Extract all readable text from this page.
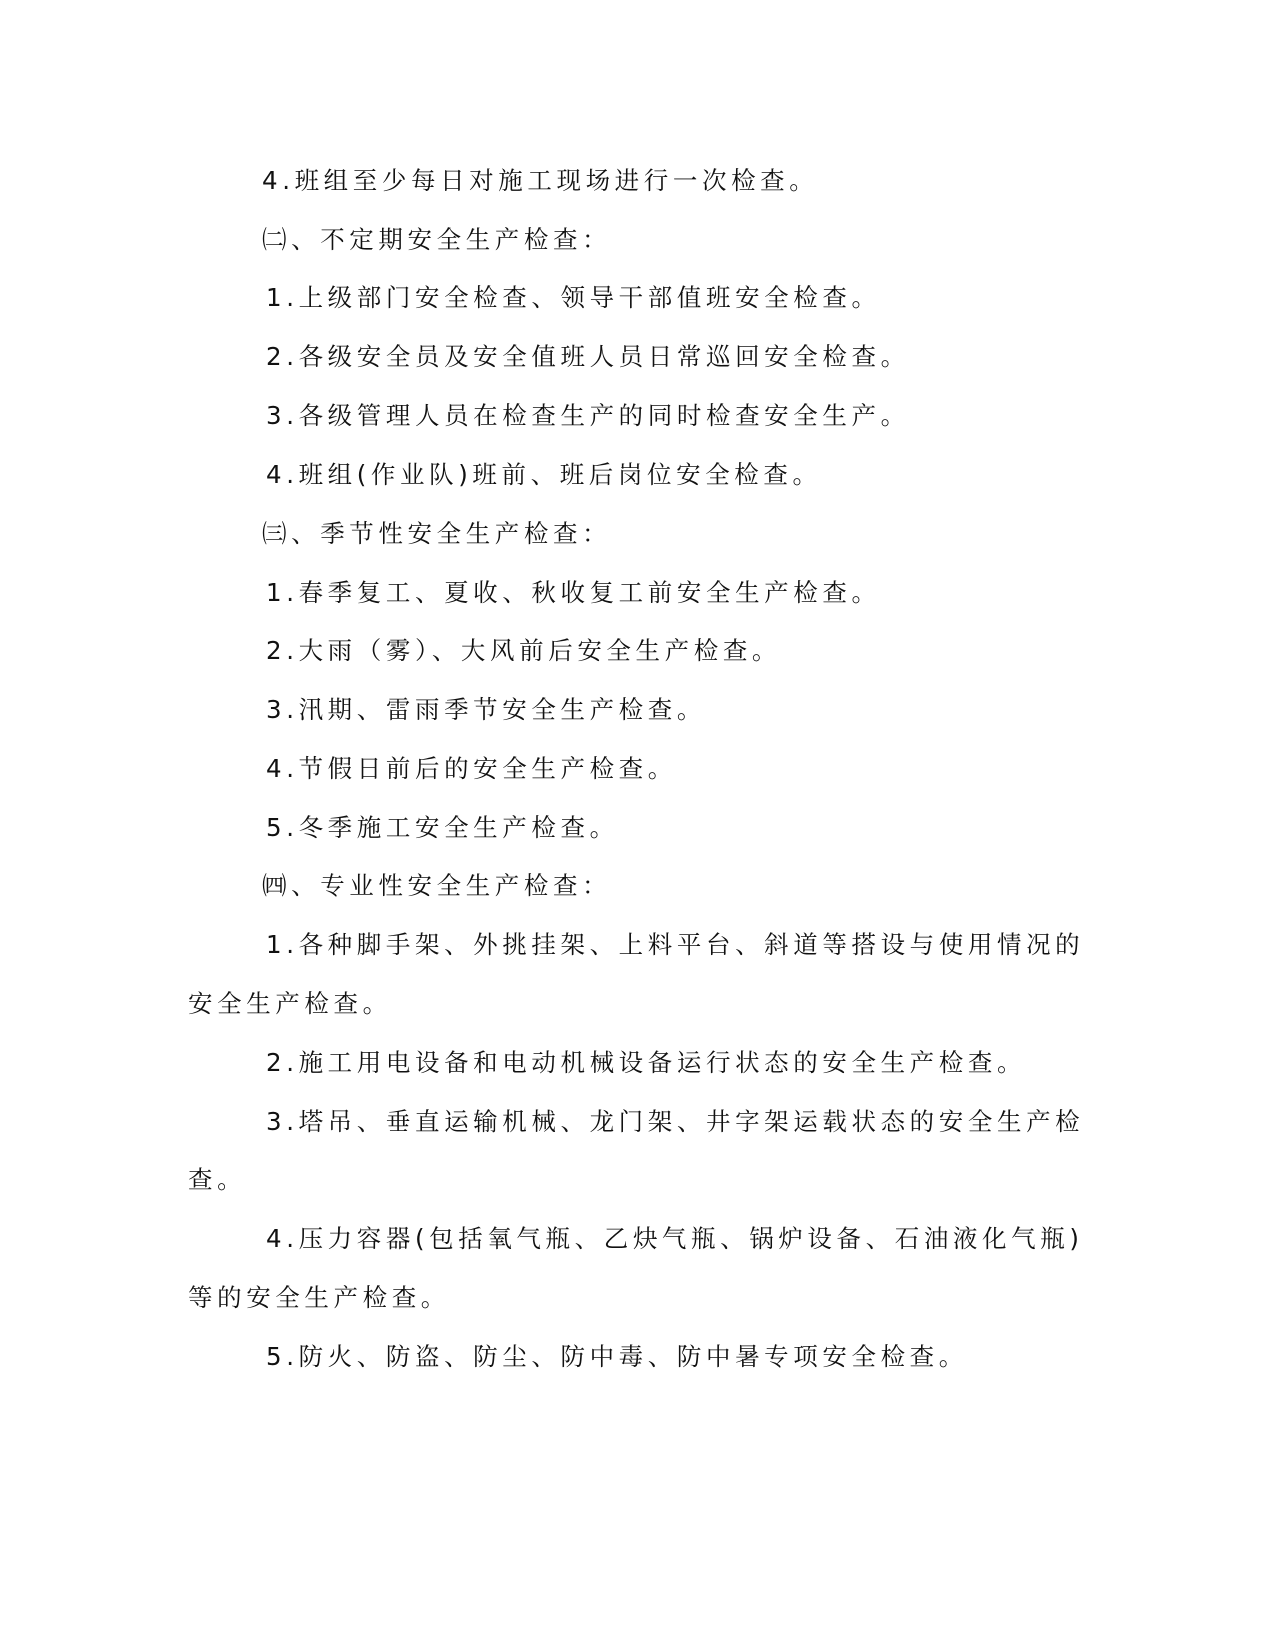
4.班组至少每日对施工现场进行一次检查。
㈡、不定期安全生产检查：
1.上级部门安全检查、领导干部值班安全检查。
2.各级安全员及安全值班人员日常巡回安全检查。
3.各级管理人员在检查生产的同时检查安全生产。
4.班组(作业队)班前、班后岗位安全检查。
㈢、季节性安全生产检查：
1.春季复工、夏收、秋收复工前安全生产检查。
2.大雨（雾）、大风前后安全生产检查。
3.汛期、雷雨季节安全生产检查。
4.节假日前后的安全生产检查。
5.冬季施工安全生产检查。
㈣、专业性安全生产检查：
1.各种脚手架、外挑挂架、上料平台、斜道等搭设与使用情况的
安全生产检查。
2.施工用电设备和电动机械设备运行状态的安全生产检查。
3.塔吊、垂直运输机械、龙门架、井字架运载状态的安全生产检
查。
4.压力容器(包括氧气瓶、乙炔气瓶、锅炉设备、石油液化气瓶)
等的安全生产检查。
5.防火、防盗、防尘、防中毒、防中暑专项安全检查。
